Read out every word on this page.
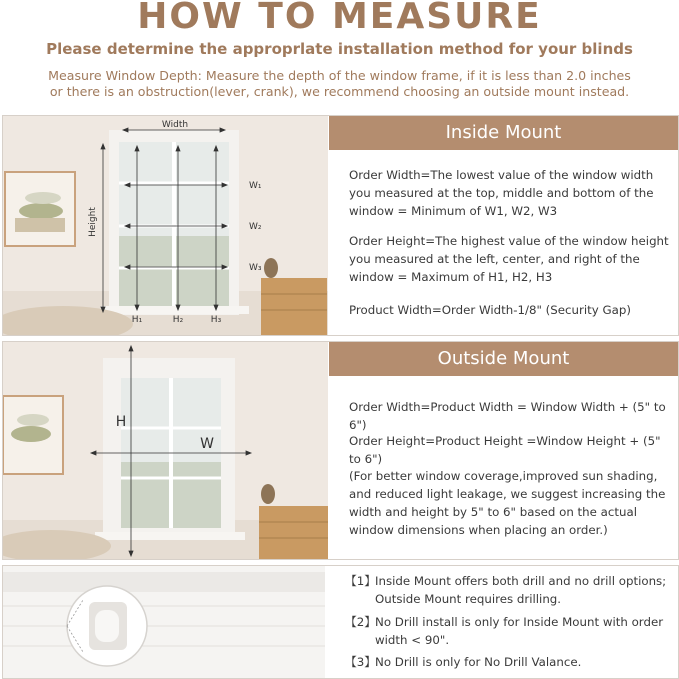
HOW TO MEASURE
Please determine the approprlate installation method for your blinds
Measure Window Depth: Measure the depth of the window frame, if it is less than 2.0 inches
or there is an obstruction(lever, crank), we recommend choosing an outside mount instead.
Width
Height
W₁
W₂
W₃
H₁	H₂	H₃
Inside Mount
Order Width=The lowest value of the window width you measured at the top, middle and bottom of the window = Minimum of W1, W2, W3
Order Height=The highest value of the window height you measured at the left, center, and right of the window = Maximum of H1, H2, H3
Product Width=Order Width-1/8" (Security Gap)
H
W
Outside Mount
Order Width=Product Width = Window Width + (5" to 6")
Order Height=Product Height =Window Height + (5" to 6")
(For better window coverage,improved sun shading, and reduced light leakage, we suggest increasing the width and height by 5" to 6" based on the actual window dimensions when placing an order.)
【1】
Inside Mount offers both drill and no drill options; Outside Mount requires drilling.
【2】
No Drill install is only for Inside Mount with order width < 90".
【3】
No Drill is only for No Drill Valance.
